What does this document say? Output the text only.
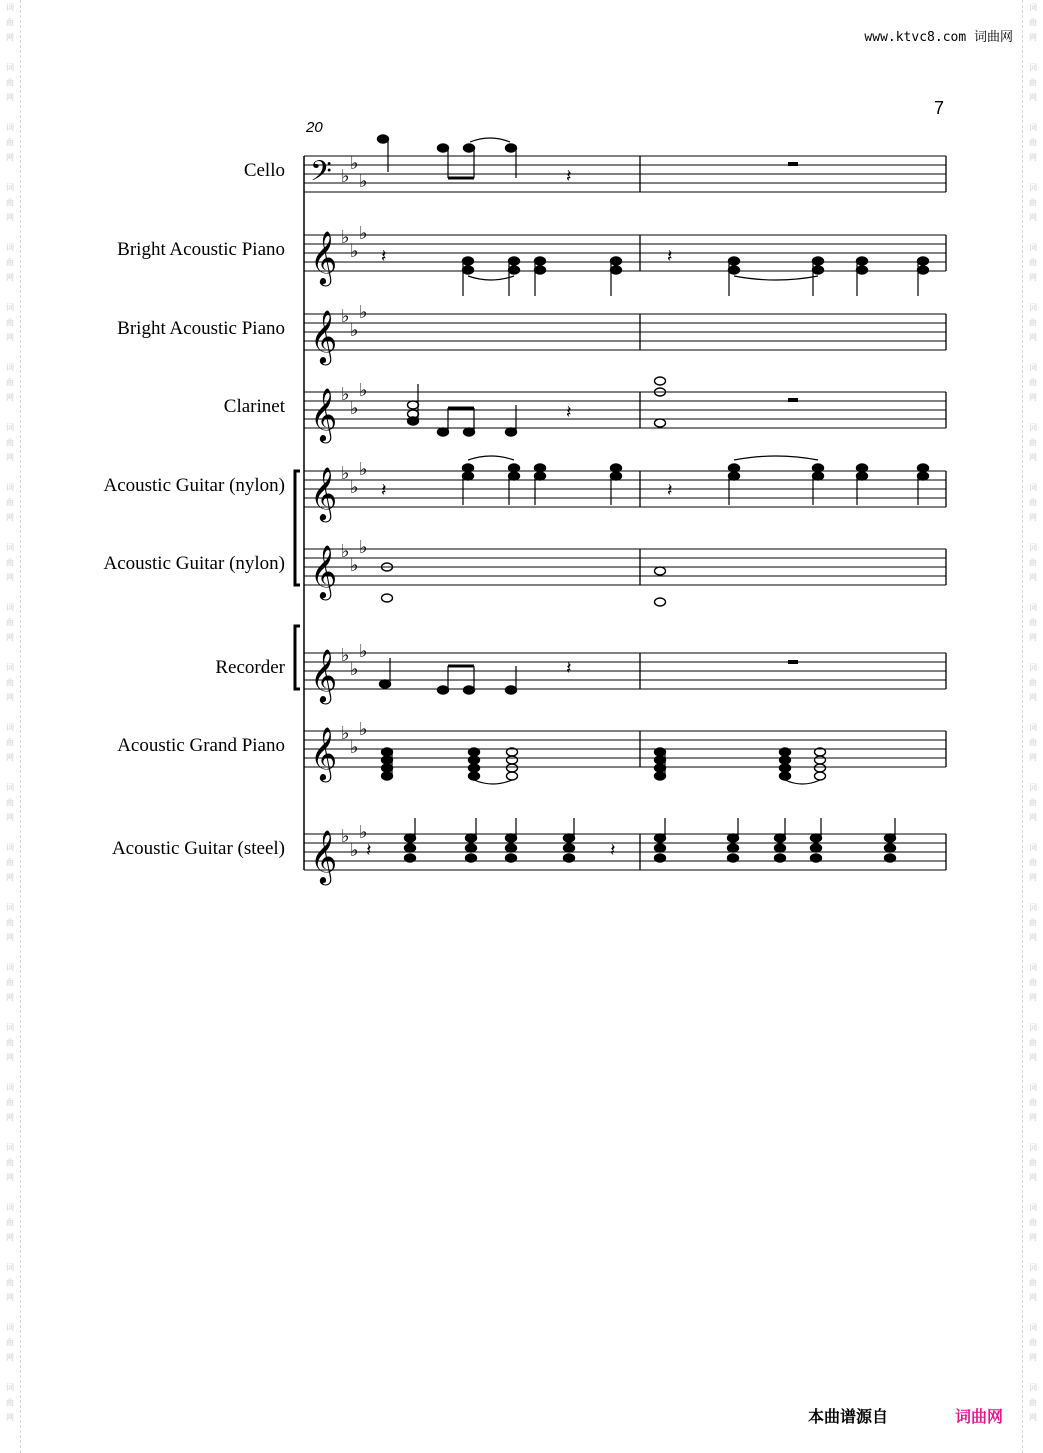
词
曲
网
词
曲
网
词
曲
网
词
曲
网
词
曲
网
词
曲
网
词
曲
网
词
曲
网
词
曲
网
词
曲
网
词
曲
网
词
曲
网
词
曲
网
词
曲
网
词
曲
网
词
曲
网
词
曲
网
词
曲
网
词
曲
网
词
曲
网
词
曲
网
词
曲
网
词
曲
网
词
曲
网
词
曲
网
词
曲
网
词
曲
网
词
曲
网
词
曲
网
词
曲
网
词
曲
网
词
曲
网
词
曲
网
词
曲
网
词
曲
网
词
曲
网
词
曲
网
词
曲
网
词
曲
网
词
曲
网
词
曲
网
词
曲
网
词
曲
网
词
曲
网
词
曲
网
词
曲
网
词
曲
网
词
曲
网
www.ktvc8.com 词曲网
7
20
Cello
Bright Acoustic Piano
Bright Acoustic Piano
Clarinet
Acoustic Guitar (nylon)
Acoustic Guitar (nylon)
Recorder
Acoustic Grand Piano
Acoustic Guitar (steel)
𝄢 ♭
♭
♭
𝄞 ♭
♭
♭
𝄞 ♭
♭
♭
𝄞 ♭
♭
♭
𝄞 ♭
♭
♭
𝄞 ♭
♭
♭
𝄞 ♭
♭
♭
𝄞 ♭
♭
♭
𝄞 ♭
♭
♭
𝄽
𝄽	𝄽
𝄽
𝄽	𝄽
𝄽
𝄽	𝄽
本曲谱源自	词曲网
